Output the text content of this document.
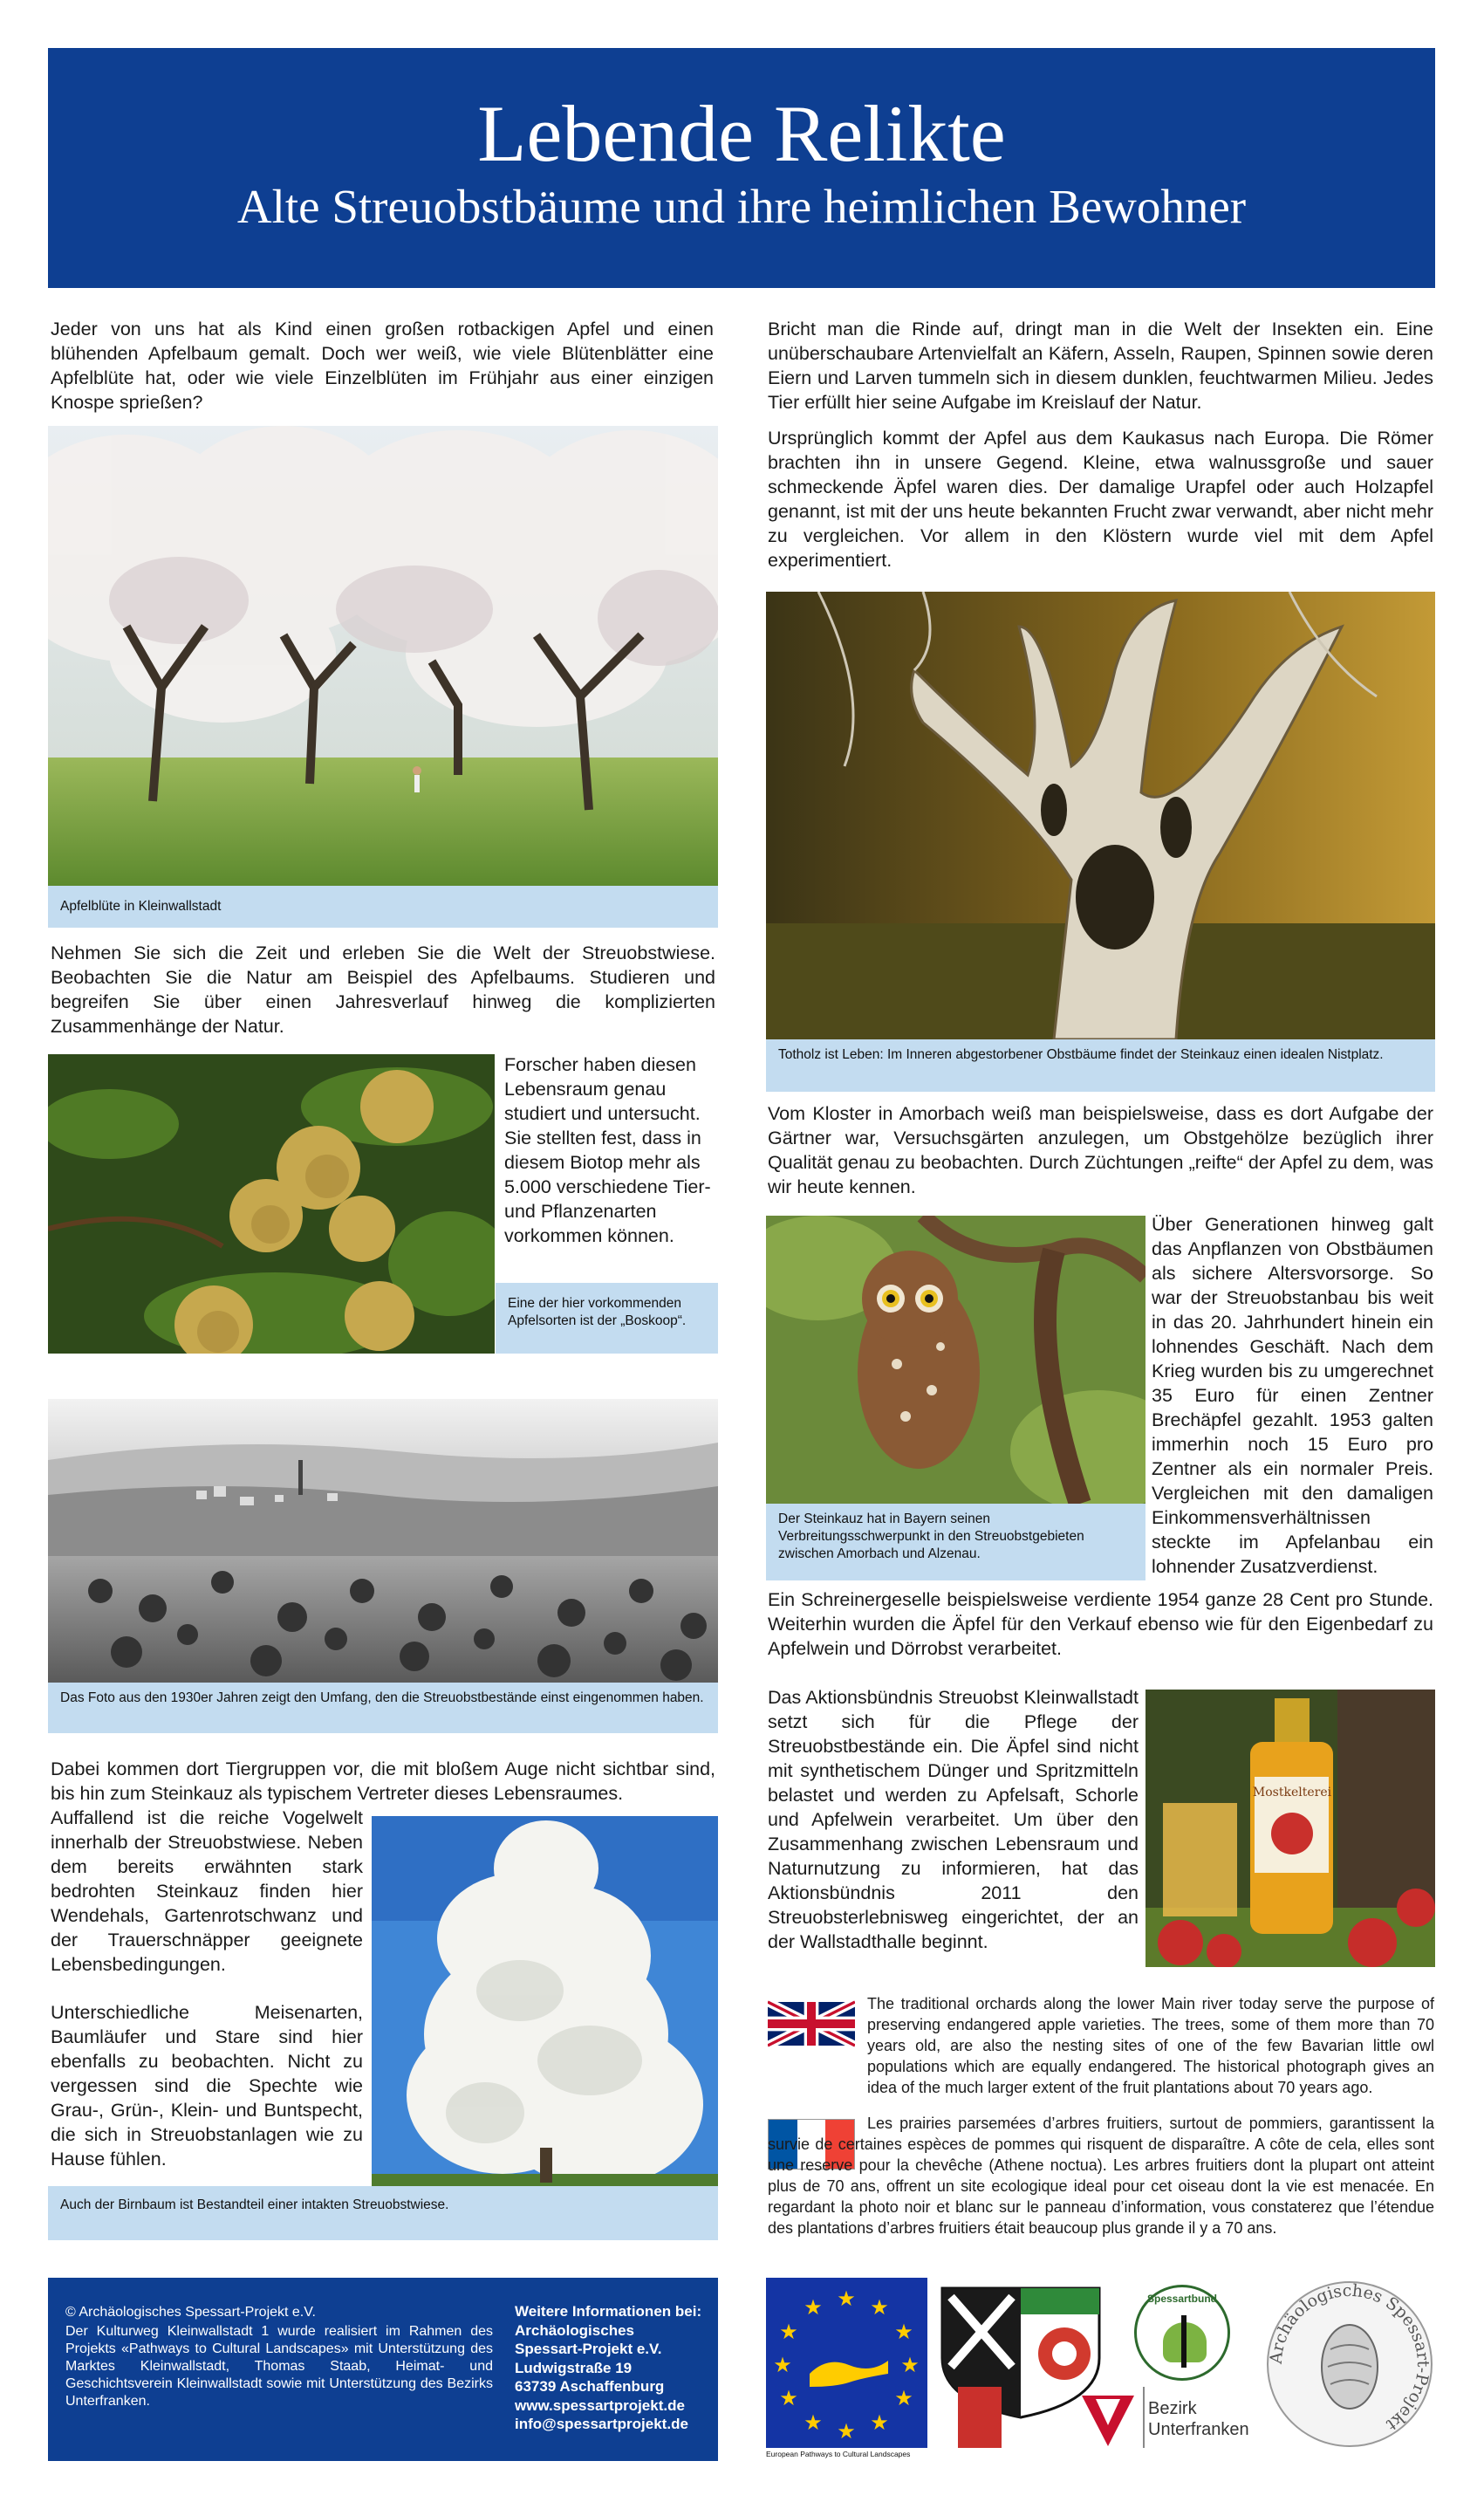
Lebende Relikte
Alte Streuobstbäume und ihre heimlichen Bewohner

Jeder von uns hat als Kind einen großen rotbackigen Apfel und einen blühenden Apfelbaum gemalt. Doch wer weiß, wie viele Blütenblätter eine Apfelblüte hat, oder wie viele Einzelblüten im Frühjahr aus einer einzigen Knospe sprießen?

Apfelblüte in Kleinwallstadt

Nehmen Sie sich die Zeit und erleben Sie die Welt der Streuobstwiese. Beobachten Sie die Natur am Beispiel des Apfelbaums. Studieren und begreifen Sie über einen Jahresverlauf hinweg die komplizierten Zusammenhänge der Natur.

Forscher haben diesen Lebensraum genau studiert und untersucht. Sie stellten fest, dass in diesem Biotop mehr als 5.000 verschiedene Tier- und Pflanzenarten vorkommen können.

Eine der hier vorkommenden Apfelsorten ist der „Boskoop“.
Das Foto aus den 1930er Jahren zeigt den Umfang, den die Streuobstbestände einst eingenommen haben.

Dabei kommen dort Tiergruppen vor, die mit bloßem Auge nicht sichtbar sind, bis hin zum Steinkauz als typischem Vertreter dieses Lebensraumes.

Auffallend ist die reiche Vogelwelt innerhalb der Streuobstwiese. Neben dem bereits erwähnten stark bedrohten Steinkauz finden hier Wendehals, Gartenrotschwanz und der Trauerschnäpper geeignete Lebensbedingungen.

Unterschiedliche Meisenarten, Baumläufer und Stare sind hier ebenfalls zu beobachten. Nicht zu vergessen sind die Spechte wie Grau-, Grün-, Klein- und Buntspecht, die sich in Streuobstanlagen wie zu Hause fühlen.

Auch der Birnbaum ist Bestandteil einer intakten Streuobstwiese.

Bricht man die Rinde auf, dringt man in die Welt der Insekten ein. Eine unüberschaubare Artenvielfalt an Käfern, Asseln, Raupen, Spinnen sowie deren Eiern und Larven tummeln sich in diesem dunklen, feuchtwarmen Milieu. Jedes Tier erfüllt hier seine Aufgabe im Kreislauf der Natur.

Ursprünglich kommt der Apfel aus dem Kaukasus nach Europa. Die Römer brachten ihn in unsere Gegend. Kleine, etwa walnussgroße und sauer schmeckende Äpfel waren dies. Der damalige Urapfel oder auch Holzapfel genannt, ist mit der uns heute bekannten Frucht zwar verwandt, aber nicht mehr zu vergleichen. Vor allem in den Klöstern wurde viel mit dem Apfel experimentiert.

Totholz ist Leben: Im Inneren abgestorbener Obstbäume findet der Steinkauz einen idealen Nistplatz.

Vom Kloster in Amorbach weiß man beispielsweise, dass es dort Aufgabe der Gärtner war, Versuchsgärten anzulegen, um Obstgehölze bezüglich ihrer Qualität genau zu beobachten. Durch Züchtungen „reifte“ der Apfel zu dem, was wir heute kennen.

Der Steinkauz hat in Bayern seinen Verbreitungsschwerpunkt in den Streuobstgebieten zwischen Amorbach und Alzenau.

Über Generationen hinweg galt das Anpflanzen von Obstbäumen als sichere Altersvorsorge. So war der Streuobstanbau bis weit in das 20. Jahrhundert hinein ein lohnendes Geschäft. Nach dem Krieg wurden bis zu umgerechnet 35 Euro für einen Zentner Brechäpfel gezahlt. 1953 galten immerhin noch 15 Euro pro Zentner als ein normaler Preis. Vergleichen mit den damaligen Einkommensverhältnissen steckte im Apfelanbau ein lohnender Zusatzverdienst.

Ein Schreinergeselle beispielsweise verdiente 1954 ganze 28 Cent pro Stunde. Weiterhin wurden die Äpfel für den Verkauf ebenso wie für den Eigenbedarf zu Apfelwein und Dörrobst verarbeitet.

Das Aktionsbündnis Streuobst Kleinwallstadt setzt sich für die Pflege der Streuobstbestände ein. Die Äpfel sind nicht mit synthetischem Dünger und Spritzmitteln belastet und werden zu Apfelsaft, Schorle und Apfelwein verarbeitet. Um über den Zusammenhang zwischen Lebensraum und Naturnutzung zu informieren, hat das Aktionsbündnis 2011 den Streuobsterlebnisweg eingerichtet, der an der Wallstadthalle beginnt.

Mostkelterei
The traditional orchards along the lower Main river today serve the purpose of preserving endangered apple varieties. The trees, some of them more than 70 years old, are also the nesting sites of one of the few Bavarian little owl populations which are equally endangered. The historical photograph gives an idea of the much larger extent of the fruit plantations about 70 years ago.
Les prairies parsemées d’arbres fruitiers, surtout de pommiers, garantissent la survie de certaines espèces de pommes qui risquent de disparaître. A côte de cela, elles sont une reserve pour la chevêche (Athene noctua). Les arbres fruitiers dont la plupart ont atteint plus de 70 ans, offrent un site ecologique ideal pour cet oiseau dont la vie est menacée. En regardant la photo noir et blanc sur le panneau d’information, vous constaterez que l’étendue des plantations d’arbres fruitiers était beaucoup plus grande il y a 70 ans.
© Archäologisches Spessart-Projekt e.V.
Der Kulturweg Kleinwallstadt 1 wurde realisiert im Rahmen des Projekts «Pathways to Cultural Landscapes» mit Unterstützung des Marktes Kleinwallstadt, Thomas Staab, Heimat- und Geschichtsverein Kleinwallstadt sowie mit Unterstützung des Bezirks Unterfranken.
Weitere Informationen bei:
Archäologisches
Spessart-Projekt e.V.
Ludwigstraße 19
63739 Aschaffenburg
www.spessartprojekt.de
info@spessartprojekt.de
★ ★
★
★
★
★
★
★
★
★
★
★
European Pathways to Cultural Landscapes
Spessartbund
Bezirk
Unterfranken
Archäologisches Spessart-Projekt
